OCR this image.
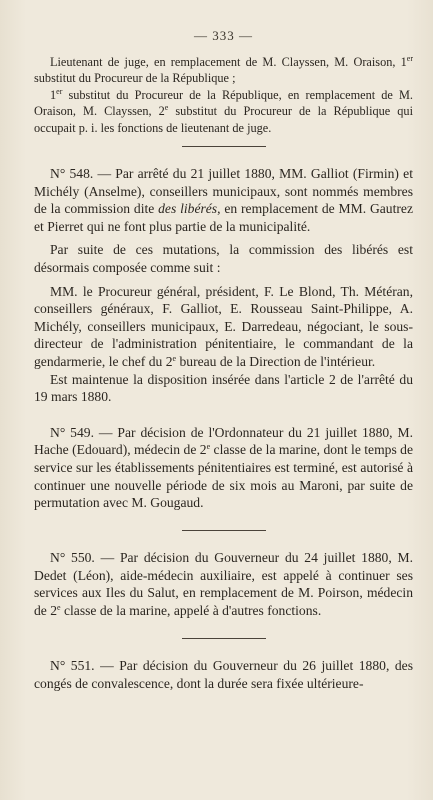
— 333 —

Lieutenant de juge, en remplacement de M. Clayssen, M. Oraison, 1er substitut du Procureur de la République ;

1er substitut du Procureur de la République, en remplacement de M. Oraison, M. Clayssen, 2e substitut du Procureur de la République qui occupait p. i. les fonctions de lieutenant de juge.

N° 548. — Par arrêté du 21 juillet 1880, MM. Galliot (Firmin) et Michély (Anselme), conseillers municipaux, sont nommés membres de la commission dite des libérés, en remplacement de MM. Gautrez et Pierret qui ne font plus partie de la municipalité.

Par suite de ces mutations, la commission des libérés est désormais composée comme suit :

MM. le Procureur général, président, F. Le Blond, Th. Météran, conseillers généraux, F. Galliot, E. Rousseau Saint-Philippe, A. Michély, conseillers municipaux, E. Darredeau, négociant, le sous-directeur de l'administration pénitentiaire, le commandant de la gendarmerie, le chef du 2e bureau de la Direction de l'intérieur.

Est maintenue la disposition insérée dans l'article 2 de l'arrêté du 19 mars 1880.

N° 549. — Par décision de l'Ordonnateur du 21 juillet 1880, M. Hache (Edouard), médecin de 2e classe de la marine, dont le temps de service sur les établissements pénitentiaires est terminé, est autorisé à continuer une nouvelle période de six mois au Maroni, par suite de permutation avec M. Gougaud.

N° 550. — Par décision du Gouverneur du 24 juillet 1880, M. Dedet (Léon), aide-médecin auxiliaire, est appelé à continuer ses services aux Iles du Salut, en remplacement de M. Poirson, médecin de 2e classe de la marine, appelé à d'autres fonctions.

N° 551. — Par décision du Gouverneur du 26 juillet 1880, des congés de convalescence, dont la durée sera fixée ultérieure-
